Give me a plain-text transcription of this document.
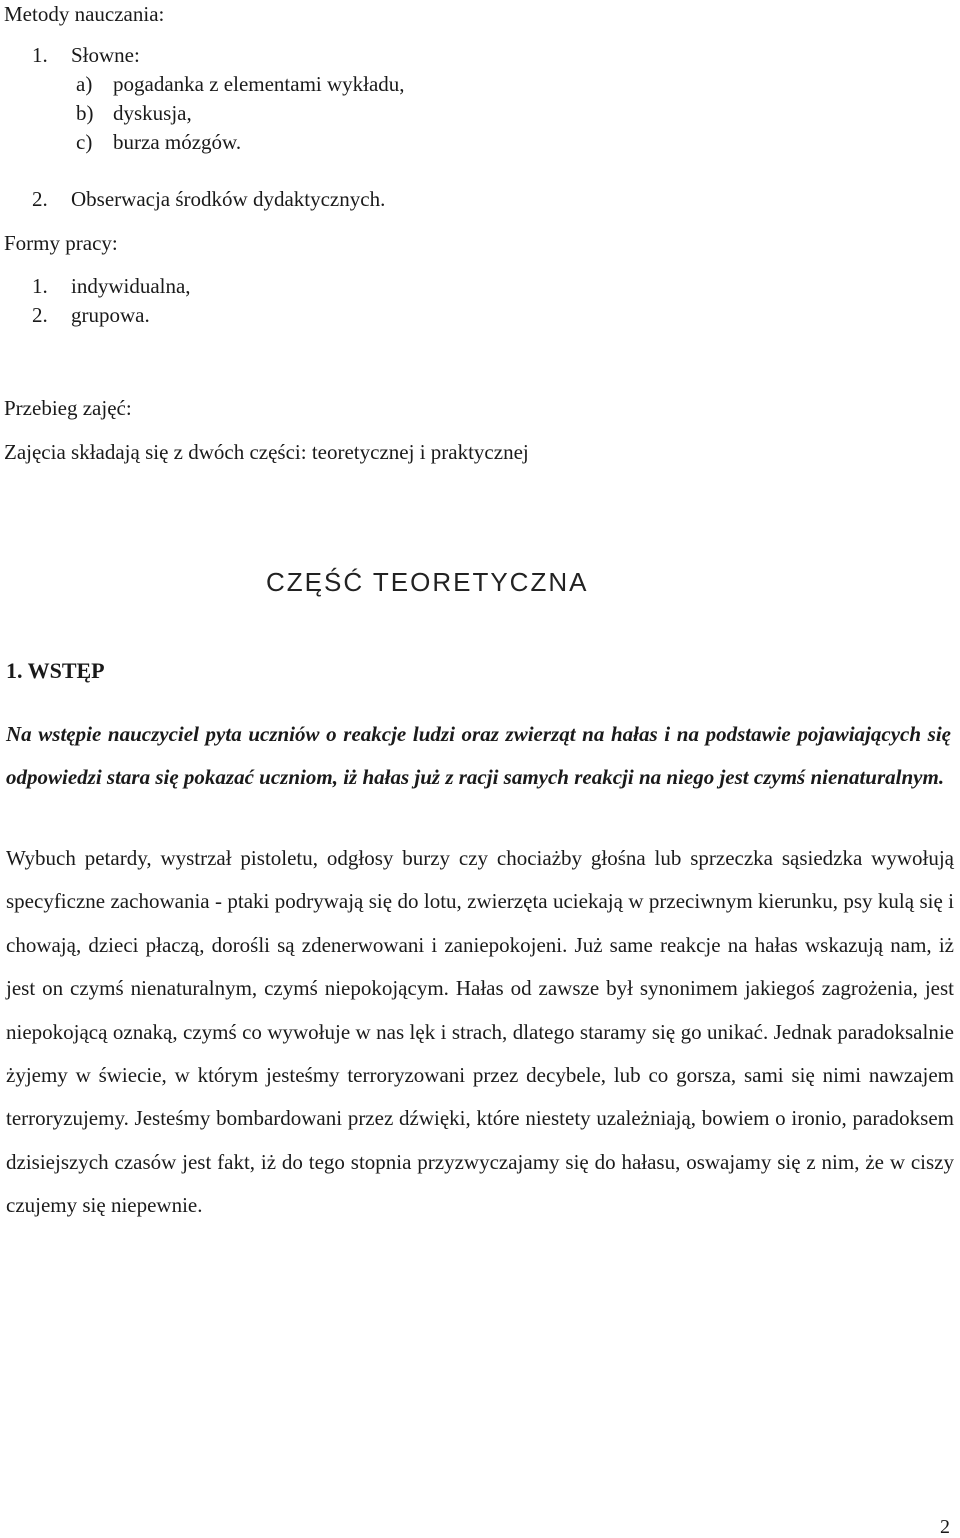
Metody nauczania:
1. Słowne:
a) pogadanka z elementami wykładu,
b) dyskusja,
c) burza mózgów.
2. Obserwacja środków dydaktycznych.
Formy pracy:
1. indywidualna,
2. grupowa.
Przebieg zajęć:
Zajęcia składają się z dwóch części: teoretycznej i praktycznej
CZĘŚĆ TEORETYCZNA
1. WSTĘP

Na wstępie nauczyciel pyta uczniów o reakcje ludzi oraz zwierząt na hałas i na podstawie pojawiających się odpowiedzi stara się pokazać uczniom, iż hałas już z racji samych reakcji na niego jest czymś nienaturalnym.

Wybuch petardy, wystrzał pistoletu, odgłosy burzy czy chociażby głośna lub sprzeczka sąsiedzka wywołują specyficzne zachowania - ptaki podrywają się do lotu, zwierzęta uciekają w przeciwnym kierunku, psy kulą się i chowają, dzieci płaczą, dorośli są zdenerwowani i zaniepokojeni. Już same reakcje na hałas wskazują nam, iż jest on czymś nienaturalnym, czymś niepokojącym. Hałas od zawsze był synonimem jakiegoś zagrożenia, jest niepokojącą oznaką, czymś co wywołuje w nas lęk i strach, dlatego staramy się go unikać. Jednak paradoksalnie żyjemy w świecie, w którym jesteśmy terroryzowani przez decybele, lub co gorsza, sami się nimi nawzajem terroryzujemy. Jesteśmy bombardowani przez dźwięki, które niestety uzależniają, bowiem o ironio, paradoksem dzisiejszych czasów jest fakt, iż do tego stopnia przyzwyczajamy się do hałasu, oswajamy się z nim, że w ciszy czujemy się niepewnie.

2
